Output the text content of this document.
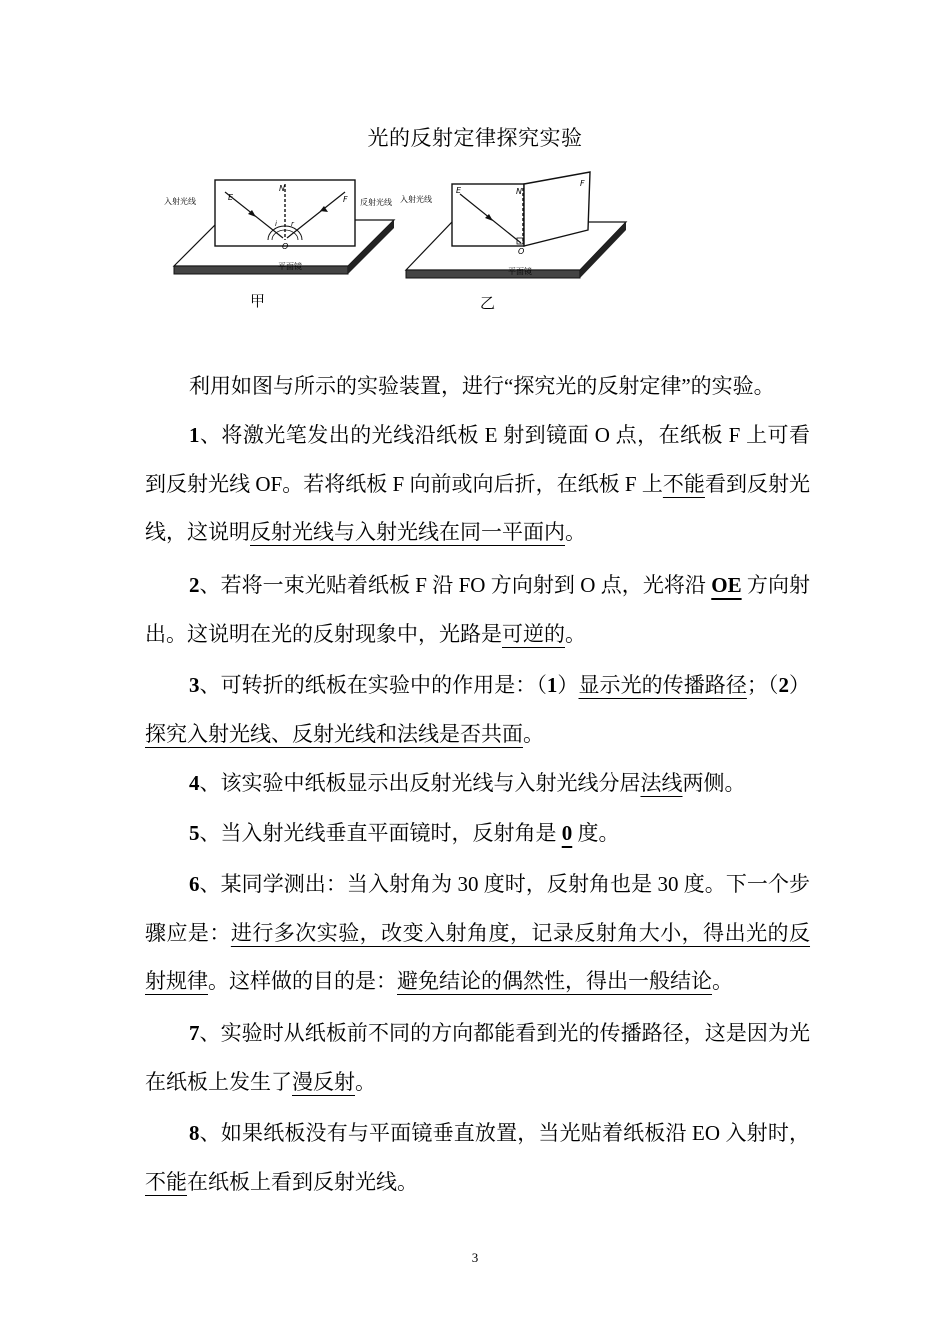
光的反射定律探究实验
入射光线	反射光线
平面镜
E
N
F
O
i r
入射光线
平面镜
E	N
F
O
甲	乙
利用如图与所示的实验装置，进行“探究光的反射定律”的实验。
1、将激光笔发出的光线沿纸板 E 射到镜面 O 点，在纸板 F 上可看到反射光线 OF。若将纸板 F 向前或向后折，在纸板 F 上不能看到反射光线，这说明反射光线与入射光线在同一平面内。
2、若将一束光贴着纸板 F 沿 FO 方向射到 O 点，光将沿 OE 方向射出。这说明在光的反射现象中，光路是可逆的。
3、可转折的纸板在实验中的作用是：（1）显示光的传播路径；（2）探究入射光线、反射光线和法线是否共面。
4、该实验中纸板显示出反射光线与入射光线分居法线两侧。
5、当入射光线垂直平面镜时，反射角是 0 度。
6、某同学测出：当入射角为 30 度时，反射角也是 30 度。下一个步骤应是：进行多次实验，改变入射角度，记录反射角大小，得出光的反射规律。这样做的目的是：避免结论的偶然性，得出一般结论。
7、实验时从纸板前不同的方向都能看到光的传播路径，这是因为光在纸板上发生了漫反射。
8、如果纸板没有与平面镜垂直放置，当光贴着纸板沿 EO 入射时，不能在纸板上看到反射光线。
3
